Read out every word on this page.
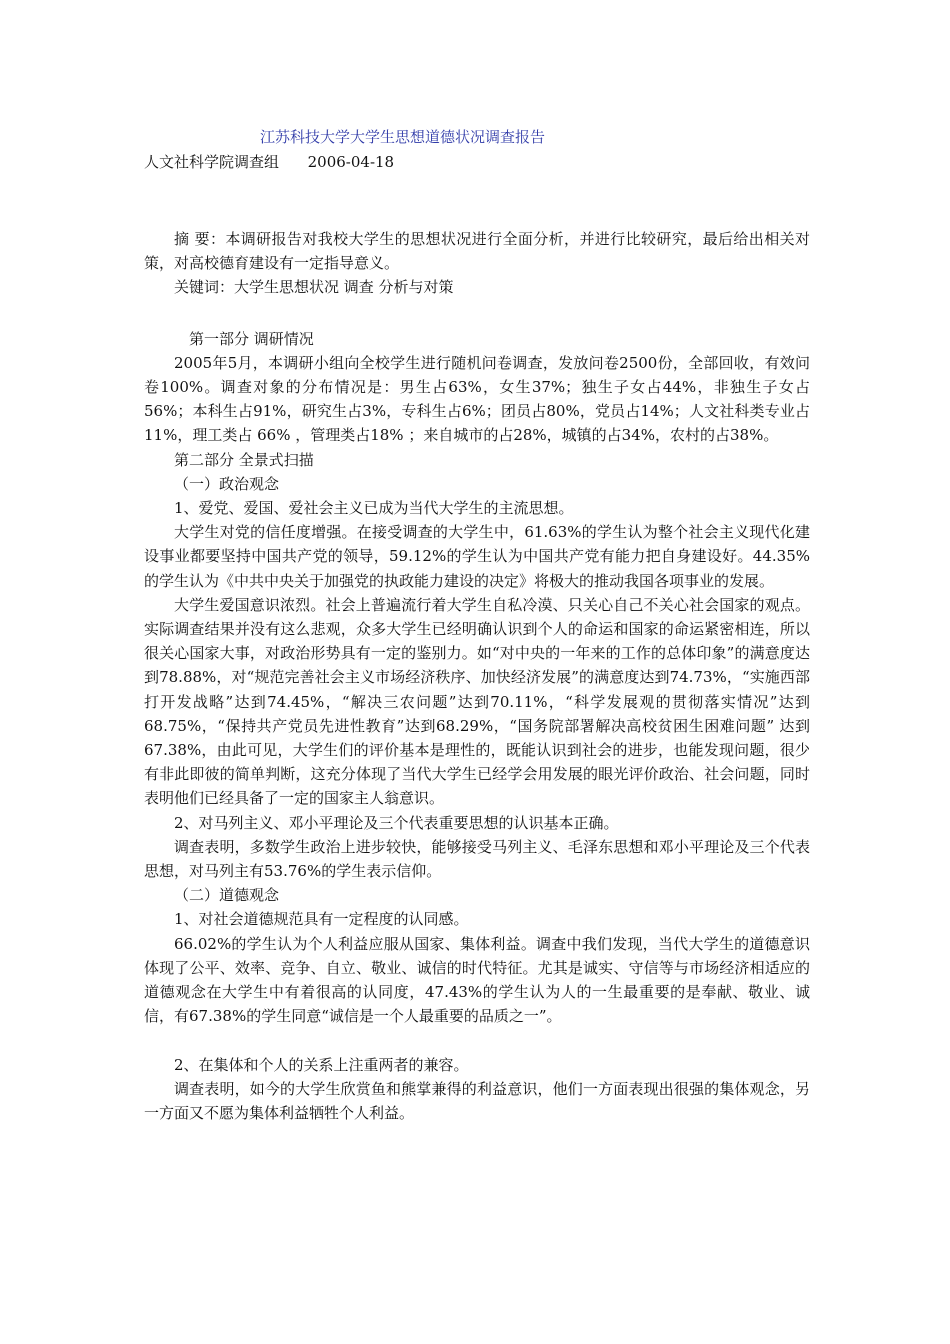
江苏科技大学大学生思想道德状况调查报告
人文社科学院调查组      2006-04-18

摘 要：本调研报告对我校大学生的思想状况进行全面分析，并进行比较研究，最后给出相关对策，对高校德育建设有一定指导意义。

关键词：大学生思想状况 调查 分析与对策

第一部分 调研情况

2005年5月，本调研小组向全校学生进行随机问卷调查，发放问卷2500份，全部回收，有效问卷100%。调查对象的分布情况是：男生占63%，女生37%；独生子女占44%，非独生子女占56%；本科生占91%，研究生占3%，专科生占6%；团员占80%，党员占14%；人文社科类专业占 11%，理工类占 66% ，管理类占18% ；来自城市的占28%，城镇的占34%，农村的占38%。

第二部分 全景式扫描

（一）政治观念

1、爱党、爱国、爱社会主义已成为当代大学生的主流思想。

大学生对党的信任度增强。在接受调查的大学生中，61.63%的学生认为整个社会主义现代化建设事业都要坚持中国共产党的领导，59.12%的学生认为中国共产党有能力把自身建设好。44.35%的学生认为《中共中央关于加强党的执政能力建设的决定》将极大的推动我国各项事业的发展。

大学生爱国意识浓烈。社会上普遍流行着大学生自私冷漠、只关心自己不关心社会国家的观点。实际调查结果并没有这么悲观，众多大学生已经明确认识到个人的命运和国家的命运紧密相连，所以很关心国家大事，对政治形势具有一定的鉴别力。如“对中央的一年来的工作的总体印象”的满意度达到78.88%，对“规范完善社会主义市场经济秩序、加快经济发展”的满意度达到74.73%，“实施西部打开发战略”达到74.45%，“解决三农问题”达到70.11%，“科学发展观的贯彻落实情况”达到68.75%，“保持共产党员先进性教育”达到68.29%，“国务院部署解决高校贫困生困难问题” 达到67.38%，由此可见，大学生们的评价基本是理性的，既能认识到社会的进步，也能发现问题，很少有非此即彼的简单判断，这充分体现了当代大学生已经学会用发展的眼光评价政治、社会问题，同时表明他们已经具备了一定的国家主人翁意识。

2、对马列主义、邓小平理论及三个代表重要思想的认识基本正确。

调查表明，多数学生政治上进步较快，能够接受马列主义、毛泽东思想和邓小平理论及三个代表思想，对马列主有53.76%的学生表示信仰。

（二）道德观念

1、对社会道德规范具有一定程度的认同感。

66.02%的学生认为个人利益应服从国家、集体利益。调查中我们发现，当代大学生的道德意识体现了公平、效率、竞争、自立、敬业、诚信的时代特征。尤其是诚实、守信等与市场经济相适应的道德观念在大学生中有着很高的认同度，47.43%的学生认为人的一生最重要的是奉献、敬业、诚信，有67.38%的学生同意“诚信是一个人最重要的品质之一”。

2、在集体和个人的关系上注重两者的兼容。

调查表明，如今的大学生欣赏鱼和熊掌兼得的利益意识，他们一方面表现出很强的集体观念，另一方面又不愿为集体利益牺牲个人利益。
